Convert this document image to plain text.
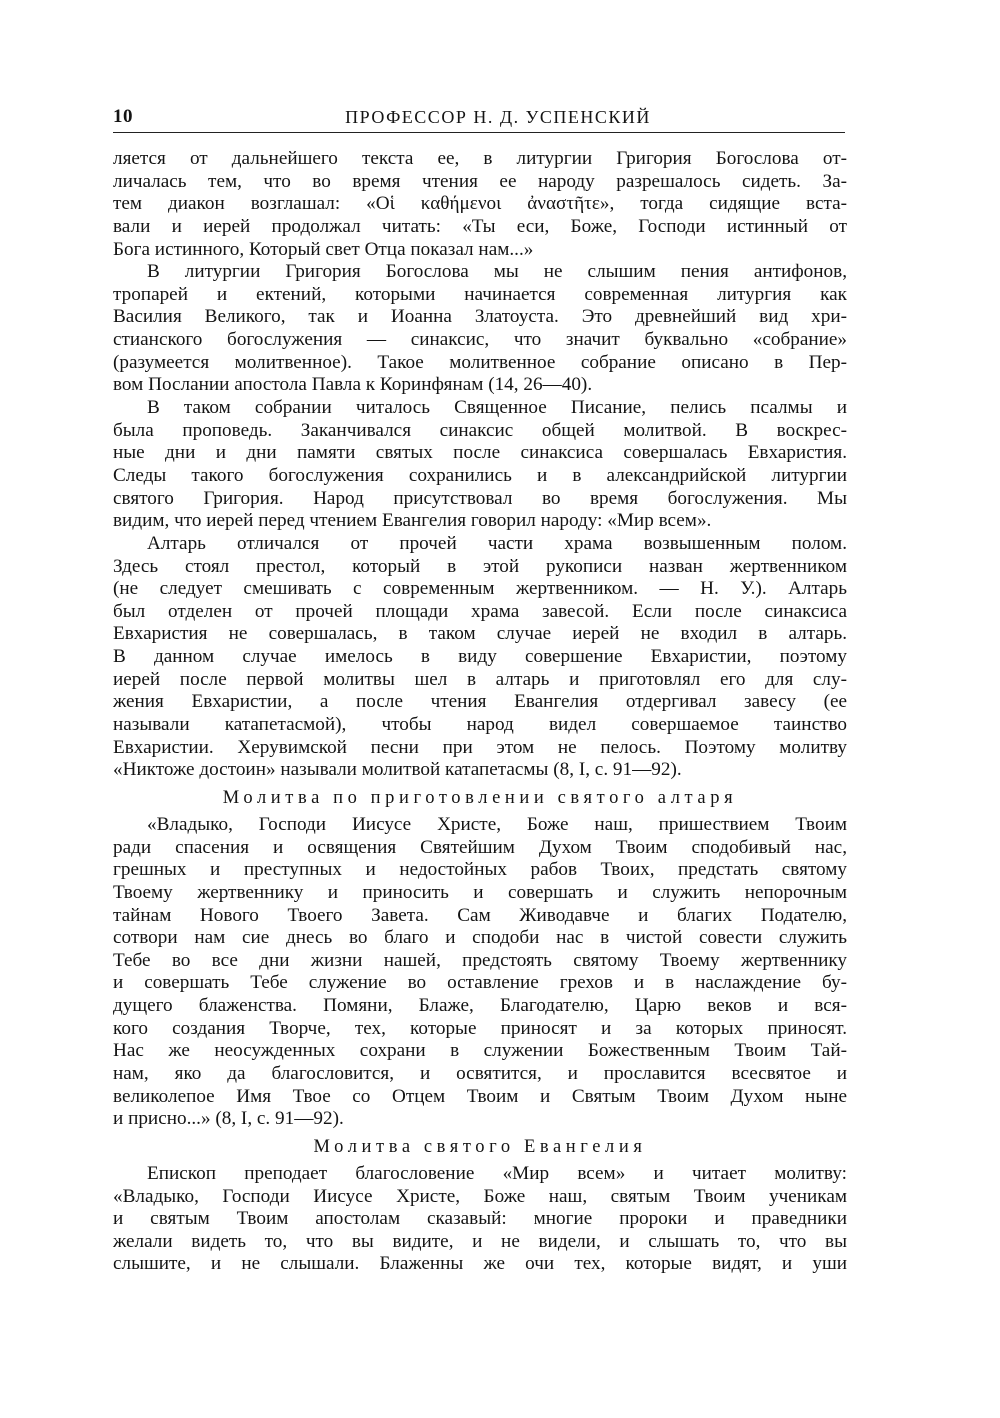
10	ПРОФЕССОР Н. Д. УСПЕНСКИЙ
ляется от дальнейшего текста ее, в литургии Григория Богослова от-
личалась тем, что во время чтения ее народу разрешалось сидеть. За-
тем диакон возглашал: «Οἱ καθήμενοι ἀναστῆτε», тогда сидящие вста-
вали и иерей продолжал читать: «Ты еси, Боже, Господи истинный от
Бога истинного, Который свет Отца показал нам...»
В литургии Григория Богослова мы не слышим пения антифонов,
тропарей и ектений, которыми начинается современная литургия как
Василия Великого, так и Иоанна Златоуста. Это древнейший вид хри-
стианского богослужения — синаксис, что значит буквально «собрание»
(разумеется молитвенное). Такое молитвенное собрание описано в Пер-
вом Послании апостола Павла к Коринфянам (14, 26—40).
В таком собрании читалось Священное Писание, пелись псалмы и
была проповедь. Заканчивался синаксис общей молитвой. В воскрес-
ные дни и дни памяти святых после синаксиса совершалась Евхаристия.
Следы такого богослужения сохранились и в александрийской литургии
святого Григория. Народ присутствовал во время богослужения. Мы
видим, что иерей перед чтением Евангелия говорил народу: «Мир всем».
Алтарь отличался от прочей части храма возвышенным полом.
Здесь стоял престол, который в этой рукописи назван жертвенником
(не следует смешивать с современным жертвенником. — Н. У.). Алтарь
был отделен от прочей площади храма завесой. Если после синаксиса
Евхаристия не совершалась, в таком случае иерей не входил в алтарь.
В данном случае имелось в виду совершение Евхаристии, поэтому
иерей после первой молитвы шел в алтарь и приготовлял его для слу-
жения Евхаристии, а после чтения Евангелия отдергивал завесу (ее
называли катапетасмой), чтобы народ видел совершаемое таинство
Евхаристии. Херувимской песни при этом не пелось. Поэтому молитву
«Никтоже достоин» называли молитвой катапетасмы (8, I, с. 91—92).
Молитва по приготовлении святого алтаря
«Владыко, Господи Иисусе Христе, Боже наш, пришествием Твоим
ради спасения и освящения Святейшим Духом Твоим сподобивый нас,
грешных и преступных и недостойных рабов Твоих, предстать святому
Твоему жертвеннику и приносить и совершать и служить непорочным
тайнам Нового Твоего Завета. Сам Живодавче и благих Подателю,
сотвори нам сие днесь во благо и сподоби нас в чистой совести служить
Тебе во все дни жизни нашей, предстоять святому Твоему жертвеннику
и совершать Тебе служение во оставление грехов и в наслаждение бу-
дущего блаженства. Помяни, Блаже, Благодателю, Царю веков и вся-
кого создания Творче, тех, которые приносят и за которых приносят.
Нас же неосужденных сохрани в служении Божественным Твоим Тай-
нам, яко да благословится, и освятится, и прославится всесвятое и
великолепое Имя Твое со Отцем Твоим и Святым Твоим Духом ныне
и присно...» (8, I, с. 91—92).
Молитва святого Евангелия
Епископ преподает благословение «Мир всем» и читает молитву:
«Владыко, Господи Иисусе Христе, Боже наш, святым Твоим ученикам
и святым Твоим апостолам сказавый: многие пророки и праведники
желали видеть то, что вы видите, и не видели, и слышать то, что вы
слышите, и не слышали. Блаженны же очи тех, которые видят, и уши
